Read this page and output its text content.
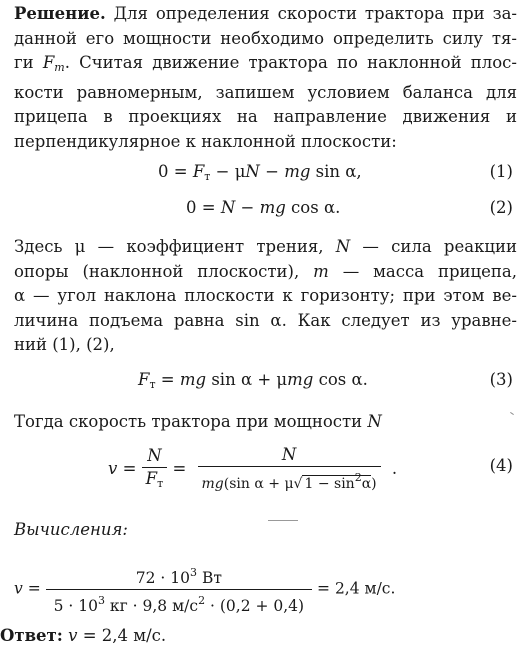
Решение. Для определения скорости трактора при за-
данной его мощности необходимо определить силу тя-
ги $F_т$. Считая движение трактора по наклонной плос-
кости равномерным, запишем условием баланса для
прицепа в проекциях на направление движения и
перпендикулярное к наклонной плоскости:
$0 = F_т - \mu N$ − mg sin α,	(1)
0 = N − mg cos α.	(2)
Здесь μ — коэффициент трения, N — сила реакции
опоры (наклонной плоскости), m — масса прицепа,
α — угол наклона плоскости к горизонту; при этом ве-
личина подъема равна sin α. Как следует из уравне-
ний (1), (2),
$F_т$ = mg sin α + μmg cos α.	(3)
Тогда скорость трактора при мощности N
$v = \frac{N}{F_т} = \frac{N}{mg(\sin \alpha + \mu√ 1 - \sin^2\alpha)}$ .	(4)
Вычисления:
$v = \frac{72 \cdot 10^3 Вт}{5 \cdot 10^3 кг \cdot 9,8 м/с^2 \cdot (0,2 + 0,4)} = 2,4$ м/с.
Ответ: v = 2,4 м/с.
